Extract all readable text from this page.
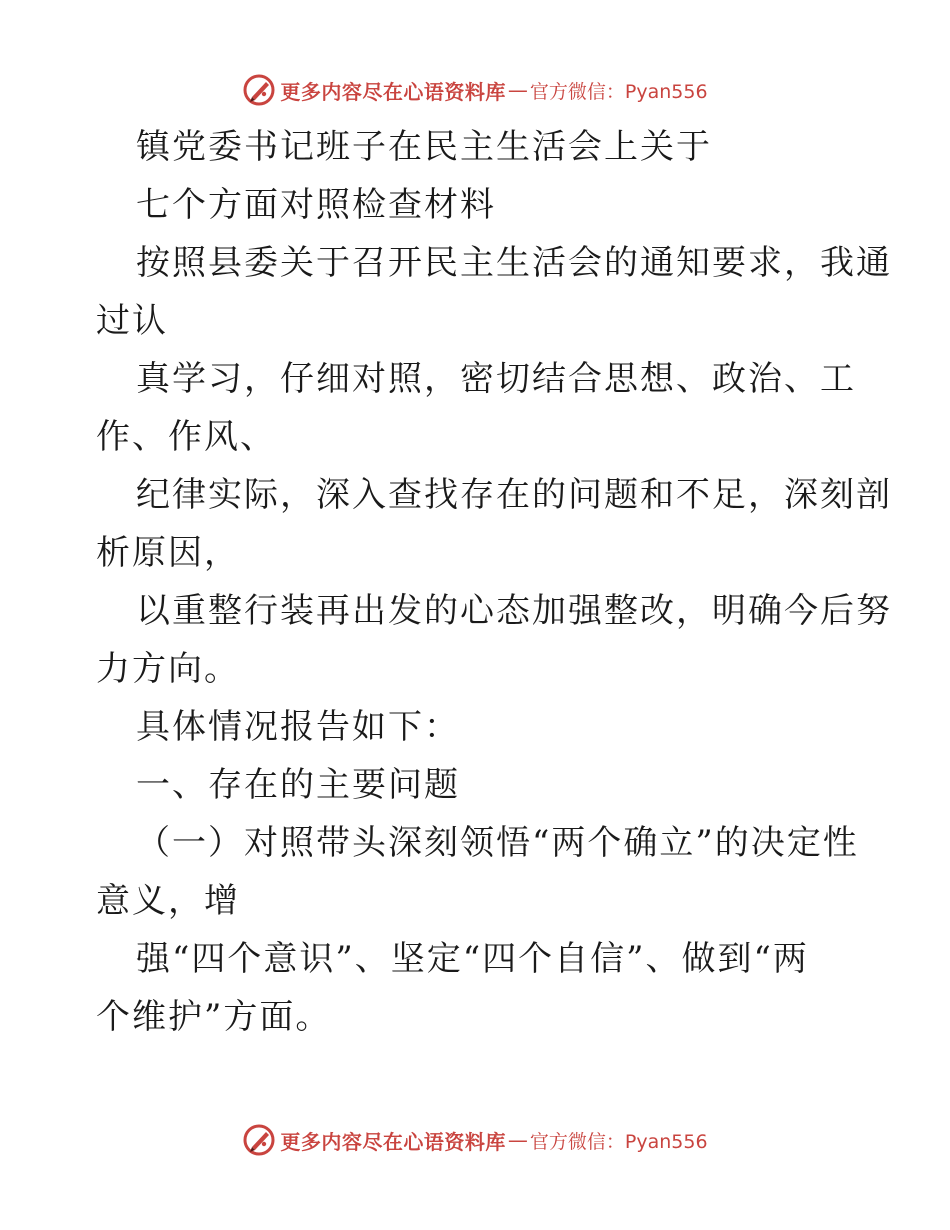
更多内容尽在心语资料库 — 官方微信：Pyan556
镇党委书记班子在民主生活会上关于
七个方面对照检查材料
按照县委关于召开民主生活会的通知要求，我通
过认
真学习，仔细对照，密切结合思想、政治、工
作、作风、
纪律实际，深入查找存在的问题和不足，深刻剖
析原因，
以重整行装再出发的心态加强整改，明确今后努
力方向。
具体情况报告如下：
一、存在的主要问题
（一）对照带头深刻领悟“两个确立”的决定性
意义，增
强“四个意识”、坚定“四个自信”、做到“两
个维护”方面。
更多内容尽在心语资料库 — 官方微信：Pyan556
